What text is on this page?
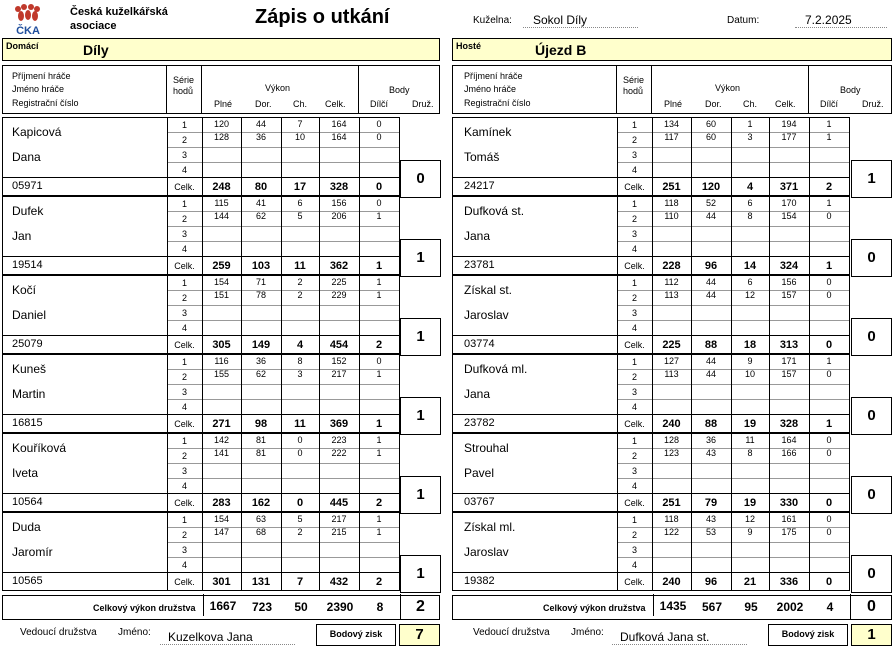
ČKA
Česká kuželkářská
asociace	Zápis o utkání	Kuželna:	Sokol Díly	Datum:	7.2.2025
Domácí	Díly	Hosté	Újezd B
Příjmení hráče
Jméno hráče
Registrační číslo
Série
hodů	Výkon
Plné	Dor. Ch. Celk.
Body
Dílčí	Druž.
Příjmení hráče
Jméno hráče
Registrační číslo
Série
hodů	Výkon
Plné	Dor. Ch. Celk.
Body
Dílčí	Druž.
1
2
3
4
120	44	7	164	0
128	36	10	164	0
Celk.	248	80	17	328	0
Kapicová
Dana
05971	0
1
2
3
4
115	41	6	156	0
144	62	5	206	1
Celk.	259	103	11	362	1
Dufek
Jan
19514	1
1
2
3
4
154	71	2	225	1
151	78	2	229	1
Celk.	305	149	4	454	2
Kočí
Daniel
25079	1
1
2
3
4
116	36	8	152	0
155	62	3	217	1
Celk.	271	98	11	369	1
Kuneš
Martin
16815	1
1
2
3
4
142	81	0	223	1
141	81	0	222	1
Celk.	283	162	0	445	2
Kouříková
Iveta
10564	1
1
2
3
4
154	63	5	217	1
147	68	2	215	1
Celk.	301	131	7	432	2
Duda
Jaromír
10565	1
1
2
3
4
134	60	1	194	1
117	60	3	177	1
Celk.	251	120	4	371	2
Kamínek
Tomáš
24217	1
1
2
3
4
118	52	6	170	1
110	44	8	154	0
Celk.	228	96	14	324	1
Dufková st.
Jana
23781	0
1
2
3
4
112	44	6	156	0
113	44	12	157	0
Celk.	225	88	18	313	0
Získal st.
Jaroslav
03774	0
1
2
3
4
127	44	9	171	1
113	44	10	157	0
Celk.	240	88	19	328	1
Dufková ml.
Jana
23782	0
1
2
3
4
128	36	11	164	0
123	43	8	166	0
Celk.	251	79	19	330	0
Strouhal
Pavel
03767	0
1
2
3
4
118	43	12	161	0
122	53	9	175	0
Celk.	240	96	21	336	0
Získal ml.
Jaroslav
19382	0
Celkový výkon družstva	1667	723	50	2390	8	2	Celkový výkon družstva	1435	567	95	2002	4	0
Vedoucí družstva Jméno:	Kuzelkova Jana	Bodový zisk	7	Vedoucí družstva Jméno:	Dufková Jana st.	Bodový zisk	1
